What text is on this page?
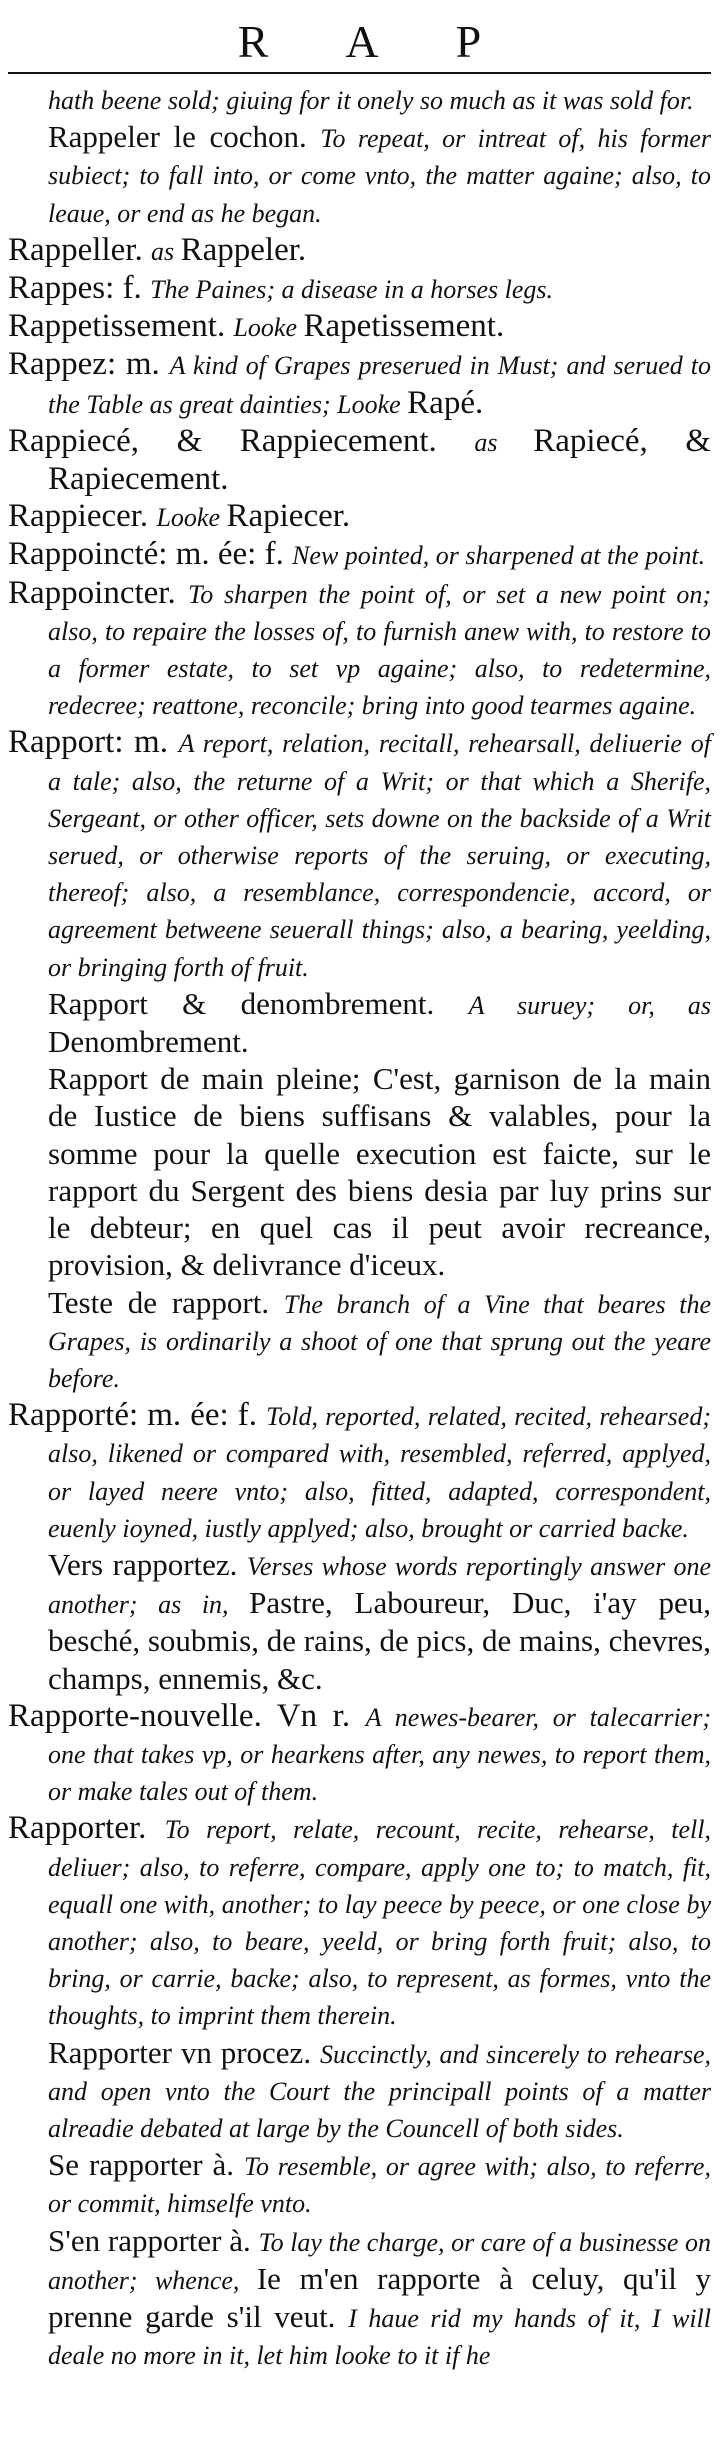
R A P

hath beene sold; giuing for it onely so much as it was sold for.

Rappeler le cochon. To repeat, or intreat of, his former subiect; to fall into, or come vnto, the matter againe; also, to leaue, or end as he began.

Rappeller. as Rappeler.

Rappes: f. The Paines; a disease in a horses legs.

Rappetissement. Looke Rapetissement.

Rappez: m. A kind of Grapes preserued in Must; and serued to the Table as great dainties; Looke Rapé.

Rappiecé, & Rappiecement. as Rapiecé, & Rapiecement.

Rappiecer. Looke Rapiecer.

Rappoincté: m. ée: f. New pointed, or sharpened at the point.

Rappoincter. To sharpen the point of, or set a new point on; also, to repaire the losses of, to furnish anew with, to restore to a former estate, to set vp againe; also, to redetermine, redecree; reattone, reconcile; bring into good tearmes againe.

Rapport: m. A report, relation, recitall, rehearsall, deliuerie of a tale; also, the returne of a Writ; or that which a Sherife, Sergeant, or other officer, sets downe on the backside of a Writ serued, or otherwise reports of the seruing, or executing, thereof; also, a resemblance, correspondencie, accord, or agreement betweene seuerall things; also, a bearing, yeelding, or bringing forth of fruit.

Rapport & denombrement. A suruey; or, as Denombrement.

Rapport de main pleine; C'est, garnison de la main de Iustice de biens suffisans & valables, pour la somme pour la quelle execution est faicte, sur le rapport du Sergent des biens desia par luy prins sur le debteur; en quel cas il peut avoir recreance, provision, & delivrance d'iceux.

Teste de rapport. The branch of a Vine that beares the Grapes, is ordinarily a shoot of one that sprung out the yeare before.

Rapporté: m. ée: f. Told, reported, related, recited, rehearsed; also, likened or compared with, resembled, referred, applyed, or layed neere vnto; also, fitted, adapted, correspondent, euenly ioyned, iustly applyed; also, brought or carried backe.

Vers rapportez. Verses whose words reportingly answer one another; as in, Pastre, Laboureur, Duc, i'ay peu, besché, soubmis, de rains, de pics, de mains, chevres, champs, ennemis, &c.

Rapporte-nouvelle. Vn r. A newes-bearer, or talecarrier; one that takes vp, or hearkens after, any newes, to report them, or make tales out of them.

Rapporter. To report, relate, recount, recite, rehearse, tell, deliuer; also, to referre, compare, apply one to; to match, fit, equall one with, another; to lay peece by peece, or one close by another; also, to beare, yeeld, or bring forth fruit; also, to bring, or carrie, backe; also, to represent, as formes, vnto the thoughts, to imprint them therein.

Rapporter vn procez. Succinctly, and sincerely to rehearse, and open vnto the Court the principall points of a matter alreadie debated at large by the Councell of both sides.

Se rapporter à. To resemble, or agree with; also, to referre, or commit, himselfe vnto.

S'en rapporter à. To lay the charge, or care of a businesse on another; whence, Ie m'en rapporte à celuy, qu'il y prenne garde s'il veut. I haue rid my hands of it, I will deale no more in it, let him looke to it if he
